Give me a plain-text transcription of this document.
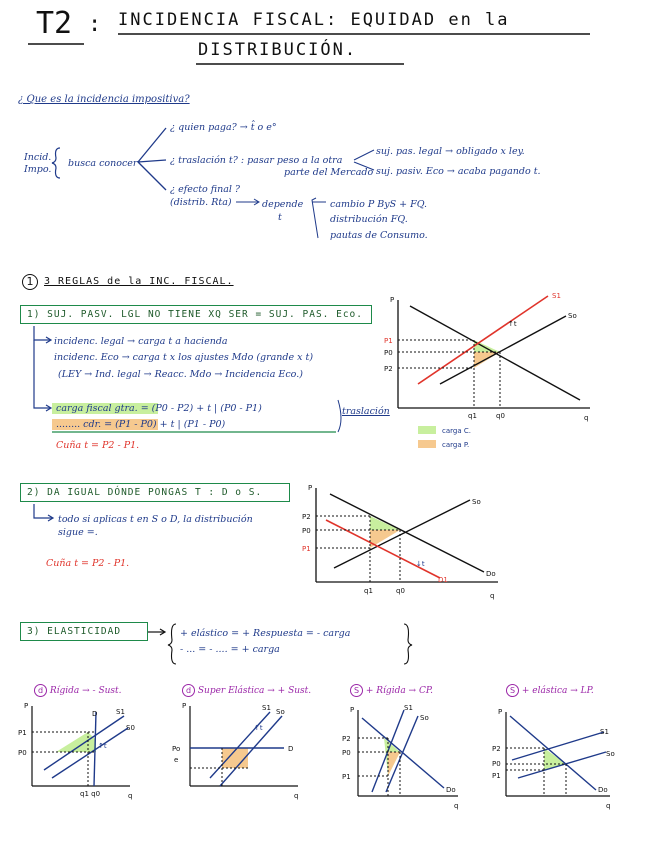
T2 : INCIDENCIA FISCAL: EQUIDAD en la
DISTRIBUCIÓN.
¿ Que es la incidencia impositiva?
Incid.
Impo.
busca conocer
¿ quien paga? → t̂ o e°
¿ traslación t? : pasar peso a la otra
parte del Mercado
suj. pas. legal → obligado x ley.
suj. pasiv. Eco → acaba pagando t.
¿ efecto final ?
(distrib. Rta)	depende
t
cambio P ByS + FQ.
distribución FQ.
pautas de Consumo.
1	3 REGLAS de la INC. FISCAL.
1) SUJ. PASV. LGL NO TIENE XQ SER = SUJ. PAS. Eco.
incidenc. legal → carga t a hacienda
incidenc. Eco → carga t x los ajustes Mdo (grande x t)
(LEY → Ind. legal → Reacc. Mdo → Incidencia Eco.)
carga fiscal gtra. = (P0 - P2) + t | (P0 - P1)
........ cdr. = (P1 - P0) + t | (P1 - P0)
traslación
Cuña t = P2 - P1.
P
q
P1
P0
P2
q1	q0
S1
So
↑t
carga C.
carga P.
2) DA IGUAL DÓNDE PONGAS T : D o S.
todo si aplicas t en S o D, la distribución
sigue =.
Cuña t = P2 - P1.
P
q
P2
P0
P1
q1	q0
So
Do
D1
↓t
3) ELASTICIDAD	+ elástico = + Respuesta = - carga
- ... = - .... = + carga
d Rígida → - Sust.	d Super Elástica → + Sust.	S + Rígida → CP.	S + elástica → LP.
P
q
P1
P0
D	S1
S0
↑t
q1 q0
P
q
Po
e
S1 So
D
↑t
P
q
P2
P0
P1
S1
So
Do
P
q
P2
P0
P1
S1
So
Do
